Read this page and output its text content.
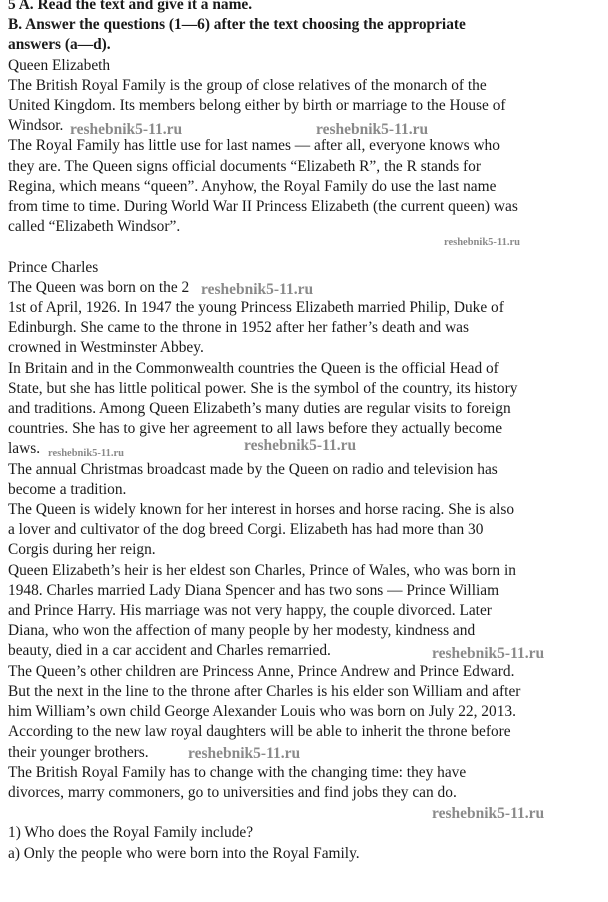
5 A. Read the text and give it a name.
B. Answer the questions (1—6) after the text choosing the appropriate
answers (a—d).
Queen Elizabeth
The British Royal Family is the group of close relatives of the monarch of the
United Kingdom. Its members belong either by birth or marriage to the House of
Windsor.
The Royal Family has little use for last names — after all, everyone knows who
they are. The Queen signs official documents “Elizabeth R”, the R stands for
Regina, which means “queen”. Anyhow, the Royal Family do use the last name
from time to time. During World War II Princess Elizabeth (the current queen) was
called “Elizabeth Windsor”.
Prince Charles
The Queen was born on the 2
1st of April, 1926. In 1947 the young Princess Elizabeth married Philip, Duke of
Edinburgh. She came to the throne in 1952 after her father’s death and was
crowned in Westminster Abbey.
In Britain and in the Commonwealth countries the Queen is the official Head of
State, but she has little political power. She is the symbol of the country, its history
and traditions. Among Queen Elizabeth’s many duties are regular visits to foreign
countries. She has to give her agreement to all laws before they actually become
laws.
The annual Christmas broadcast made by the Queen on radio and television has
become a tradition.
The Queen is widely known for her interest in horses and horse racing. She is also
a lover and cultivator of the dog breed Corgi. Elizabeth has had more than 30
Corgis during her reign.
Queen Elizabeth’s heir is her eldest son Charles, Prince of Wales, who was born in
1948. Charles married Lady Diana Spencer and has two sons — Prince William
and Prince Harry. His marriage was not very happy, the couple divorced. Later
Diana, who won the affection of many people by her modesty, kindness and
beauty, died in a car accident and Charles remarried.
The Queen’s other children are Princess Anne, Prince Andrew and Prince Edward.
But the next in the line to the throne after Charles is his elder son William and after
him William’s own child George Alexander Louis who was born on July 22, 2013.
According to the new law royal daughters will be able to inherit the throne before
their younger brothers.
The British Royal Family has to change with the changing time: they have
divorces, marry commoners, go to universities and find jobs they can do.
1) Who does the Royal Family include?
a) Only the people who were born into the Royal Family.
reshebnik5-11.ru	reshebnik5-11.ru
reshebnik5-11.ru
reshebnik5-11.ru
reshebnik5-11.ru
reshebnik5-11.ru
reshebnik5-11.ru
reshebnik5-11.ru
reshebnik5-11.ru
